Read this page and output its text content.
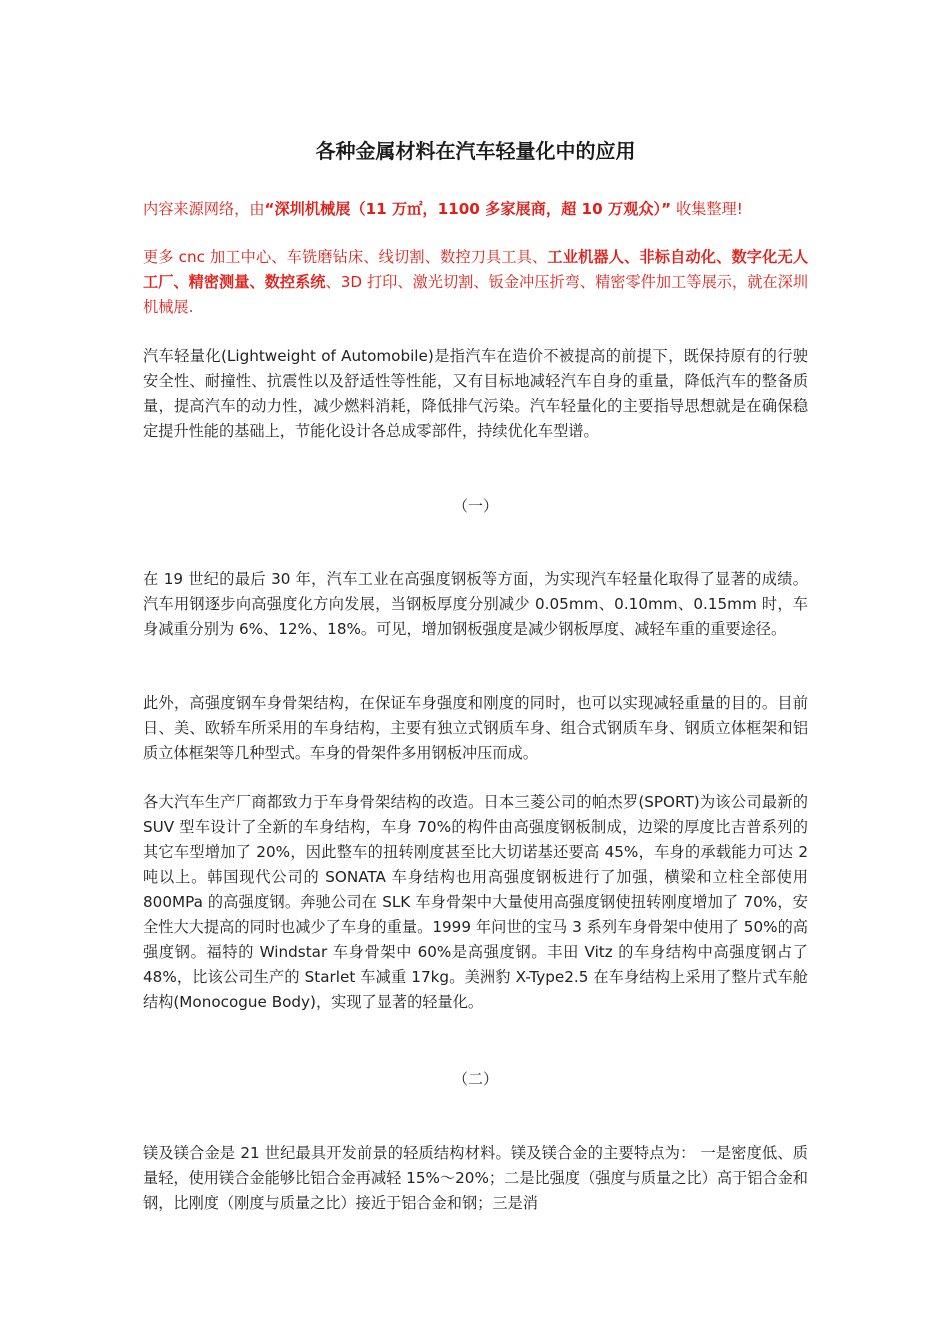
各种金属材料在汽车轻量化中的应用

内容来源网络，由“深圳机械展（11 万㎡，1100 多家展商，超 10 万观众）” 收集整理!

更多 cnc 加工中心、车铣磨钻床、线切割、数控刀具工具、工业机器人、非标自动化、数字化无人工厂、精密测量、数控系统、3D 打印、激光切割、钣金冲压折弯、精密零件加工等展示，就在深圳机械展.

汽车轻量化(Lightweight of Automobile)是指汽车在造价不被提高的前提下，既保持原有的行驶安全性、耐撞性、抗震性以及舒适性等性能，又有目标地减轻汽车自身的重量，降低汽车的整备质量，提高汽车的动力性，减少燃料消耗，降低排气污染。汽车轻量化的主要指导思想就是在确保稳定提升性能的基础上，节能化设计各总成零部件，持续优化车型谱。

（一）

在 19 世纪的最后 30 年，汽车工业在高强度钢板等方面，为实现汽车轻量化取得了显著的成绩。汽车用钢逐步向高强度化方向发展，当钢板厚度分别减少 0.05mm、0.10mm、0.15mm 时，车身减重分别为 6%、12%、18%。可见，增加钢板强度是减少钢板厚度、减轻车重的重要途径。

此外，高强度钢车身骨架结构，在保证车身强度和刚度的同时，也可以实现减轻重量的目的。目前日、美、欧轿车所采用的车身结构，主要有独立式钢质车身、组合式钢质车身、钢质立体框架和铝质立体框架等几种型式。车身的骨架件多用钢板冲压而成。

各大汽车生产厂商都致力于车身骨架结构的改造。日本三菱公司的帕杰罗(SPORT)为该公司最新的 SUV 型车设计了全新的车身结构，车身 70%的构件由高强度钢板制成，边梁的厚度比吉普系列的其它车型增加了 20%，因此整车的扭转刚度甚至比大切诺基还要高 45%，车身的承载能力可达 2 吨以上。韩国现代公司的 SONATA 车身结构也用高强度钢板进行了加强，横梁和立柱全部使用 800MPa 的高强度钢。奔驰公司在 SLK 车身骨架中大量使用高强度钢使扭转刚度增加了 70%，安全性大大提高的同时也减少了车身的重量。1999 年问世的宝马 3 系列车身骨架中使用了 50%的高强度钢。福特的 Windstar 车身骨架中 60%是高强度钢。丰田 Vitz 的车身结构中高强度钢占了 48%，比该公司生产的 Starlet 车减重 17kg。美洲豹 X-Type2.5 在车身结构上采用了整片式车舱结构(Monocogue Body)，实现了显著的轻量化。

（二）

镁及镁合金是 21 世纪最具开发前景的轻质结构材料。镁及镁合金的主要特点为： 一是密度低、质量轻，使用镁合金能够比铝合金再减轻 15%～20%；二是比强度（强度与质量之比）高于铝合金和钢，比刚度（刚度与质量之比）接近于铝合金和钢；三是消
